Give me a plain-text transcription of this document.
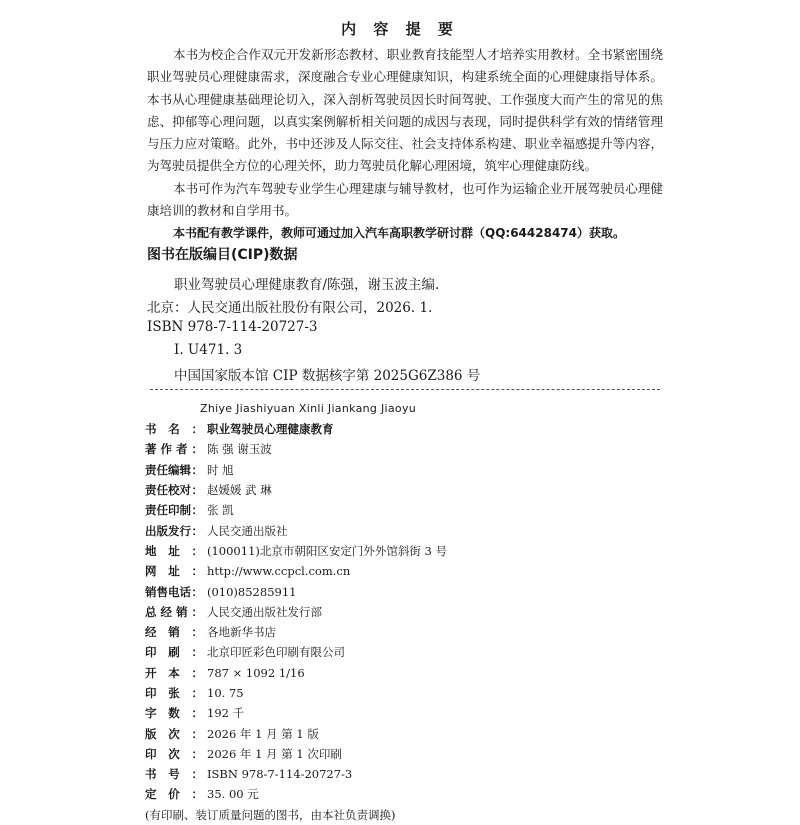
内 容 提 要

本书为校企合作双元开发新形态教材、职业教育技能型人才培养实用教材。全书紧密围绕职业驾驶员心理健康需求，深度融合专业心理健康知识，构建系统全面的心理健康指导体系。本书从心理健康基础理论切入，深入剖析驾驶员因长时间驾驶、工作强度大而产生的常见的焦虑、抑郁等心理问题，以真实案例解析相关问题的成因与表现，同时提供科学有效的情绪管理与压力应对策略。此外，书中还涉及人际交往、社会支持体系构建、职业幸福感提升等内容，为驾驶员提供全方位的心理关怀，助力驾驶员化解心理困境，筑牢心理健康防线。

本书可作为汽车驾驶专业学生心理建康与辅导教材，也可作为运输企业开展驾驶员心理健康培训的教材和自学用书。

本书配有教学课件，教师可通过加入汽车高职教学研讨群（QQ:64428474）获取。

图书在版编目(CIP)数据
职业驾驶员心理健康教育/陈强，谢玉波主编.
北京：人民交通出版社股份有限公司，2026. 1.
ISBN 978-7-114-20727-3
Ⅰ. U471. 3
中国国家版本馆 CIP 数据核字第 2025G6Z386 号
Zhiye Jiashiyuan Xinli Jiankang Jiaoyu
书 名 ： 职业驾驶员心理健康教育
著 作 者 ： 陈 强 谢玉波
责任编辑 ： 时 旭
责任校对 ： 赵媛媛 武 琳
责任印制 ： 张 凯
出版发行 ： 人民交通出版社
地 址 ： (100011)北京市朝阳区安定门外外馆斜街 3 号
网 址 ： http://www.ccpcl.com.cn
销售电话 ： (010)85285911
总 经 销 ： 人民交通出版社发行部
经 销 ： 各地新华书店
印 刷 ： 北京印匠彩色印刷有限公司
开 本 ： 787 × 1092 1/16
印 张 ： 10. 75
字 数 ： 192 千
版 次 ： 2026 年 1 月 第 1 版
印 次 ： 2026 年 1 月 第 1 次印刷
书 号 ： ISBN 978-7-114-20727-3
定 价 ： 35. 00 元
(有印刷、装订质量问题的图书，由本社负责调换)
